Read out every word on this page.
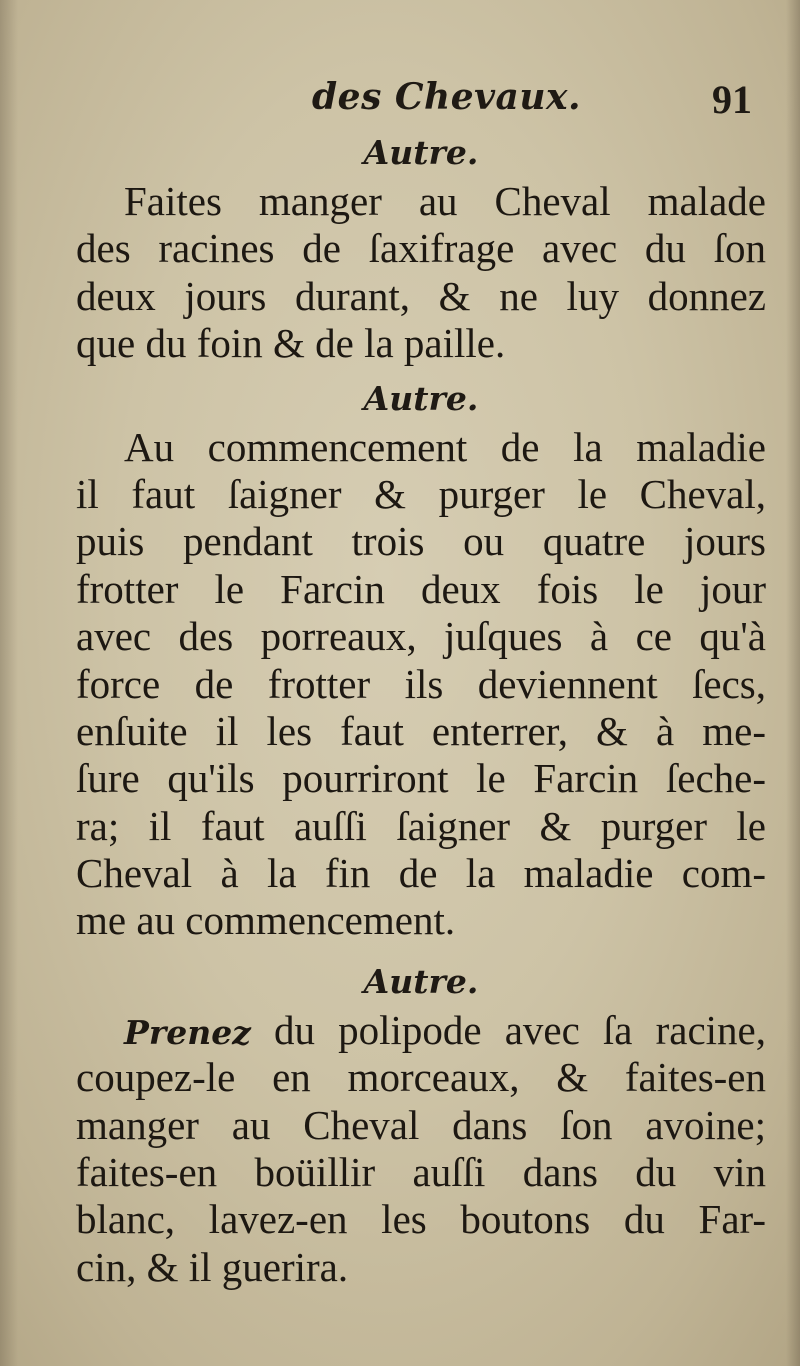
des Chevaux.	91
Autre.
Faites manger au Cheval malade
des racines de ſaxifrage avec du ſon
deux jours durant, & ne luy donnez
que du foin & de la paille.
Autre.
Au commencement de la maladie
il faut ſaigner & purger le Cheval,
puis pendant trois ou quatre jours
frotter le Farcin deux fois le jour
avec des porreaux, juſques à ce qu'à
force de frotter ils deviennent ſecs,
enſuite il les faut enterrer, & à me-
ſure qu'ils pourriront le Farcin ſeche-
ra; il faut auſſi ſaigner & purger le
Cheval à la fin de la maladie com-
me au commencement.
Autre.
Prenez du polipode avec ſa racine,
coupez-le en morceaux, & faites-en
manger au Cheval dans ſon avoine;
faites-en boüillir auſſi dans du vin
blanc, lavez-en les boutons du Far-
cin, & il guerira.
